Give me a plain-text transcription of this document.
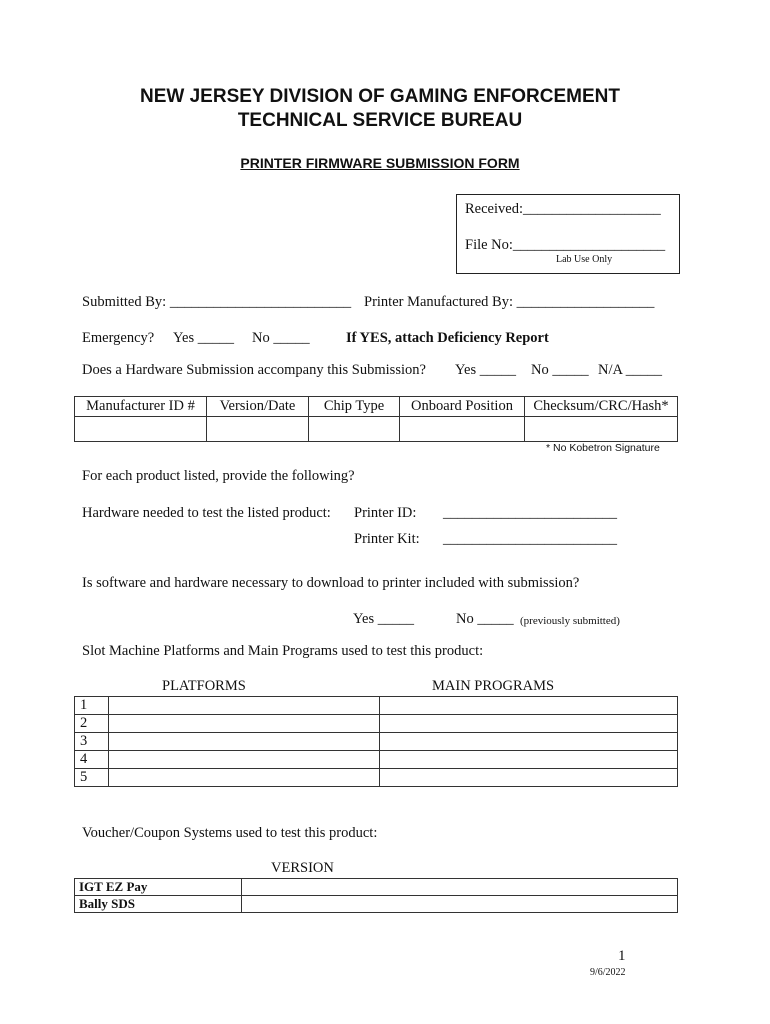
NEW JERSEY DIVISION OF GAMING ENFORCEMENT
TECHNICAL SERVICE BUREAU
PRINTER FIRMWARE SUBMISSION FORM
Received:___________________
File No:_____________________
Lab Use Only
Submitted By: _________________________ Printer Manufactured By: ___________________
Emergency? Yes _____ No _____	If YES, attach Deficiency Report
Does a Hardware Submission accompany this Submission? Yes _____ No _____ N/A _____
Manufacturer ID #	Version/Date	Chip Type	Onboard Position	Checksum/CRC/Hash*

* No Kobetron Signature
For each product listed, provide the following?
Hardware needed to test the listed product: Printer ID: ________________________
Printer Kit: ________________________
Is software and hardware necessary to download to printer included with submission?
Yes _____	No _____ (previously submitted)
Slot Machine Platforms and Main Programs used to test this product:
PLATFORMS	MAIN PROGRAMS
1		
2		
3		
4		
5		
Voucher/Coupon Systems used to test this product:
VERSION
IGT EZ Pay	
Bally SDS	
1
9/6/2022
